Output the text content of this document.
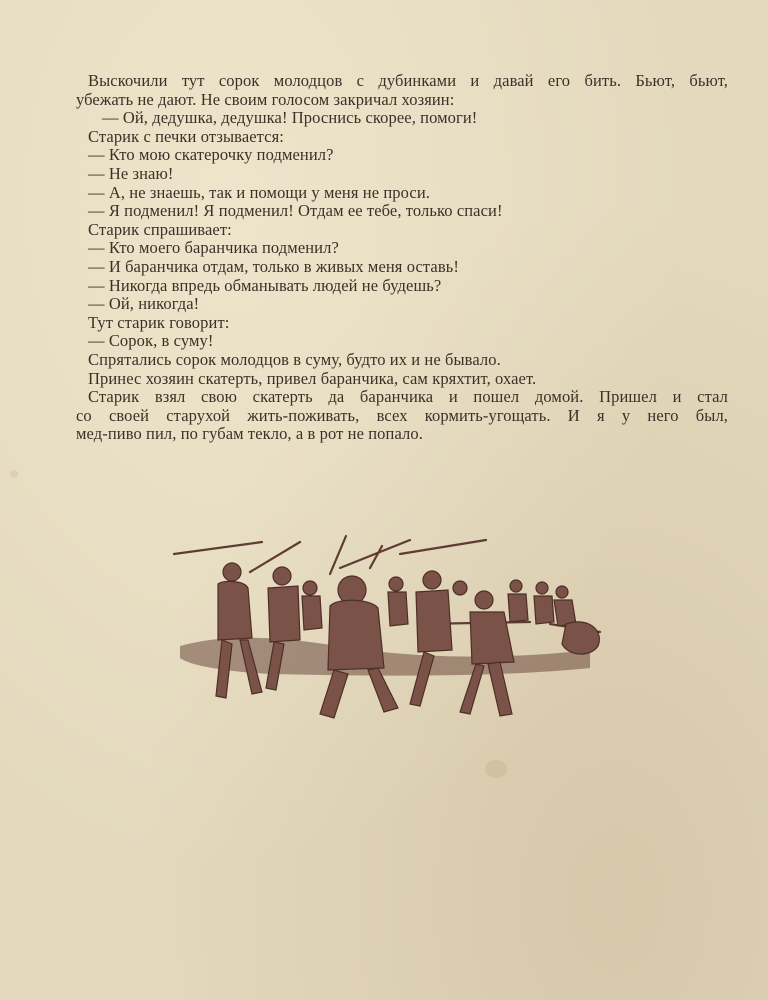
Выскочили тут сорок молодцов с дубинками и давай его бить. Бьют, бьют,
убежать не дают. Не своим голосом закричал хозяин:
— Ой, дедушка, дедушка! Проснись скорее, помоги!
Старик с печки отзывается:
— Кто мою скатерочку подменил?
— Не знаю!
— А, не знаешь, так и помощи у меня не проси.
— Я подменил! Я подменил! Отдам ее тебе, только спаси!
Старик спрашивает:
— Кто моего баранчика подменил?
— И баранчика отдам, только в живых меня оставь!
— Никогда впредь обманывать людей не будешь?
— Ой, никогда!
Тут старик говорит:
— Сорок, в суму!
Спрятались сорок молодцов в суму, будто их и не бывало.
Принес хозяин скатерть, привел баранчика, сам кряхтит, охает.
Старик взял свою скатерть да баранчика и пошел домой. Пришел и стал
со своей старухой жить-поживать, всех кормить-угощать. И я у него был,
мед-пиво пил, по губам текло, а в рот не попало.
